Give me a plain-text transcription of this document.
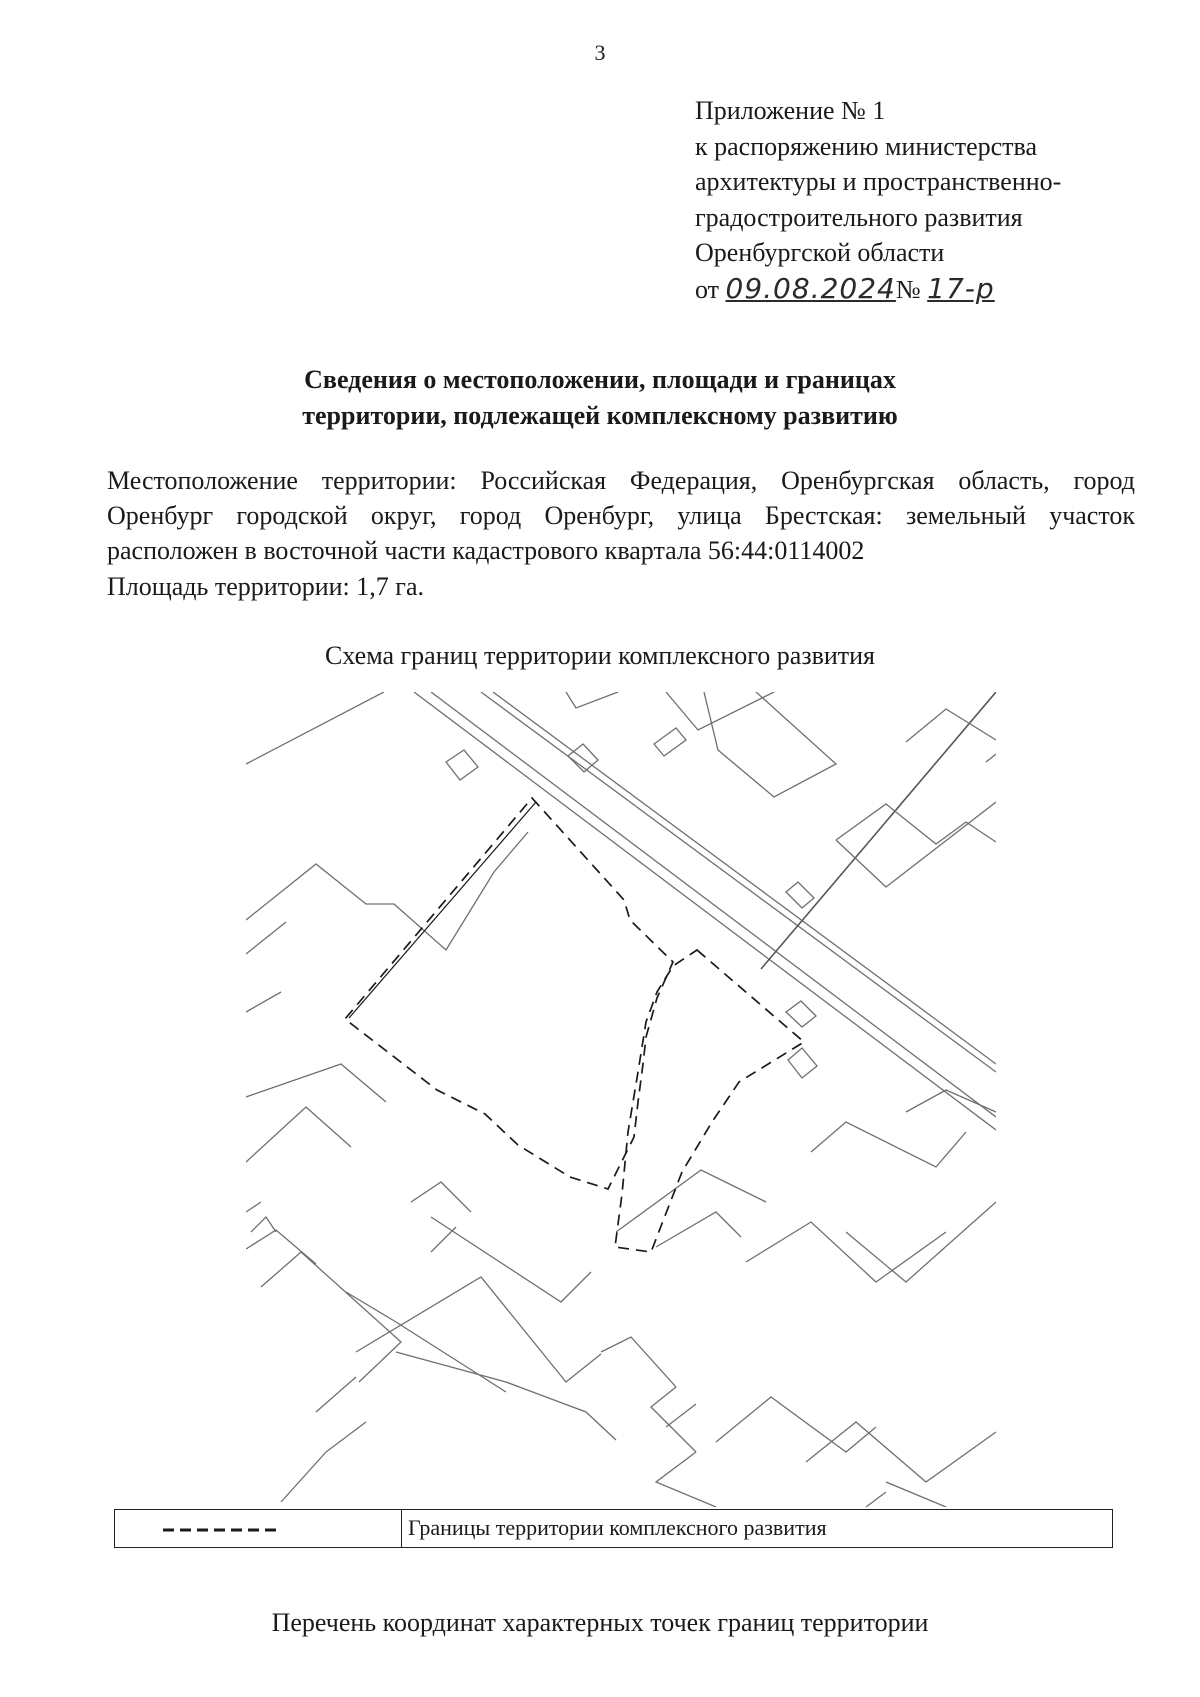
3
Приложение № 1
к распоряжению министерства
архитектуры и пространственно-
градостроительного развития
Оренбургской области
от 09.08.2024№ 17-р
Сведения о местоположении, площади и границах
территории, подлежащей комплексному развитию
Местоположение территории: Российская Федерация, Оренбургская область, город
Оренбург городской округ, город Оренбург, улица Брестская: земельный участок
расположен в восточной части кадастрового квартала 56:44:0114002
Площадь территории: 1,7 га.
Схема границ территории комплексного развития
Границы территории комплексного развития
Перечень координат характерных точек границ территории
